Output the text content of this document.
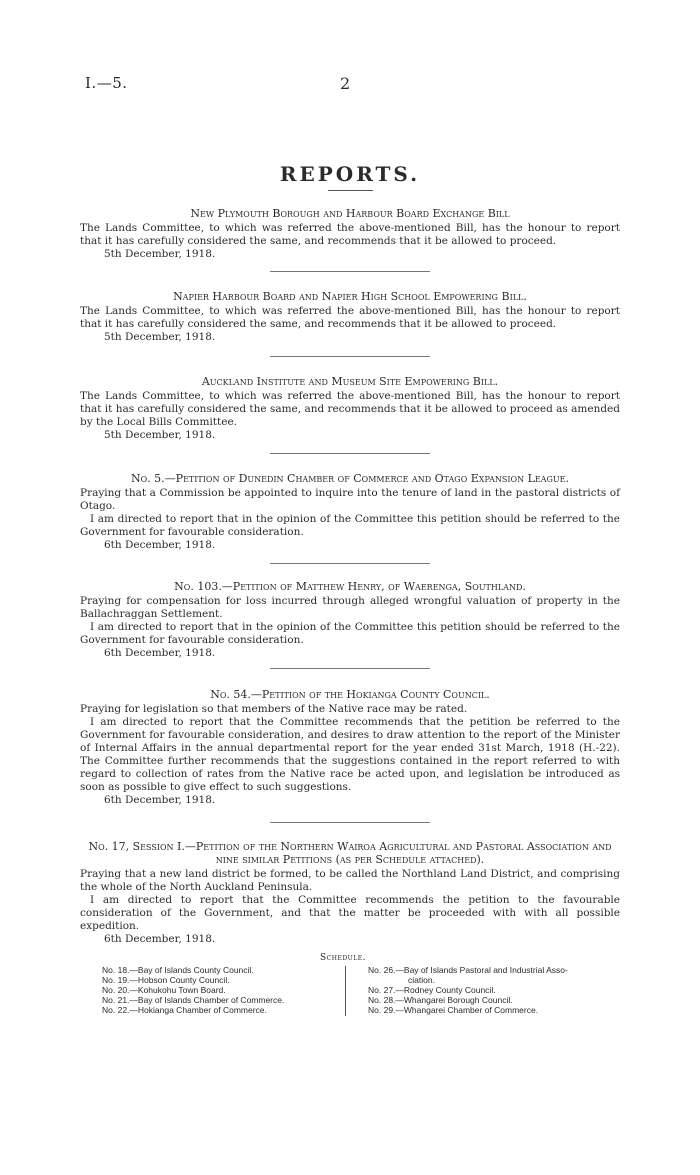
I.—5.	2
REPORTS.
New Plymouth Borough and Harbour Board Exchange Bill
The Lands Committee, to which was referred the above-mentioned Bill, has the honour to report that it has carefully considered the same, and recommends that it be allowed to proceed.
5th December, 1918.
Napier Harbour Board and Napier High School Empowering Bill.
The Lands Committee, to which was referred the above-mentioned Bill, has the honour to report that it has carefully considered the same, and recommends that it be allowed to proceed.
5th December, 1918.
Auckland Institute and Museum Site Empowering Bill.
The Lands Committee, to which was referred the above-mentioned Bill, has the honour to report that it has carefully considered the same, and recommends that it be allowed to proceed as amended by the Local Bills Committee.
5th December, 1918.
No. 5.—Petition of Dunedin Chamber of Commerce and Otago Expansion League.
Praying that a Commission be appointed to inquire into the tenure of land in the pastoral districts of Otago.
I am directed to report that in the opinion of the Committee this petition should be referred to the Government for favourable consideration.
6th December, 1918.
No. 103.—Petition of Matthew Henry, of Waerenga, Southland.
Praying for compensation for loss incurred through alleged wrongful valuation of property in the Ballachraggan Settlement.
I am directed to report that in the opinion of the Committee this petition should be referred to the Government for favourable consideration.
6th December, 1918.
No. 54.—Petition of the Hokianga County Council.
Praying for legislation so that members of the Native race may be rated.
I am directed to report that the Committee recommends that the petition be referred to the Government for favourable consideration, and desires to draw attention to the report of the Minister of Internal Affairs in the annual departmental report for the year ended 31st March, 1918 (H.-22). The Committee further recommends that the suggestions contained in the report referred to with regard to collection of rates from the Native race be acted upon, and legislation be introduced as soon as possible to give effect to such suggestions.
6th December, 1918.
No. 17, Session I.—Petition of the Northern Wairoa Agricultural and Pastoral Association and nine similar Petitions (as per Schedule attached).
Praying that a new land district be formed, to be called the Northland Land District, and comprising the whole of the North Auckland Peninsula.
I am directed to report that the Committee recommends the petition to the favourable consideration of the Government, and that the matter be proceeded with with all possible expedition.
6th December, 1918.
Schedule.
No. 18.—Bay of Islands County Council.
No. 19.—Hobson County Council.
No. 20.—Kohukohu Town Board.
No. 21.—Bay of Islands Chamber of Commerce.
No. 22.—Hokianga Chamber of Commerce.
No. 26.—Bay of Islands Pastoral and Industrial Asso-
ciation.
No. 27.—Rodney County Council.
No. 28.—Whangarei Borough Council.
No. 29.—Whangarei Chamber of Commerce.
